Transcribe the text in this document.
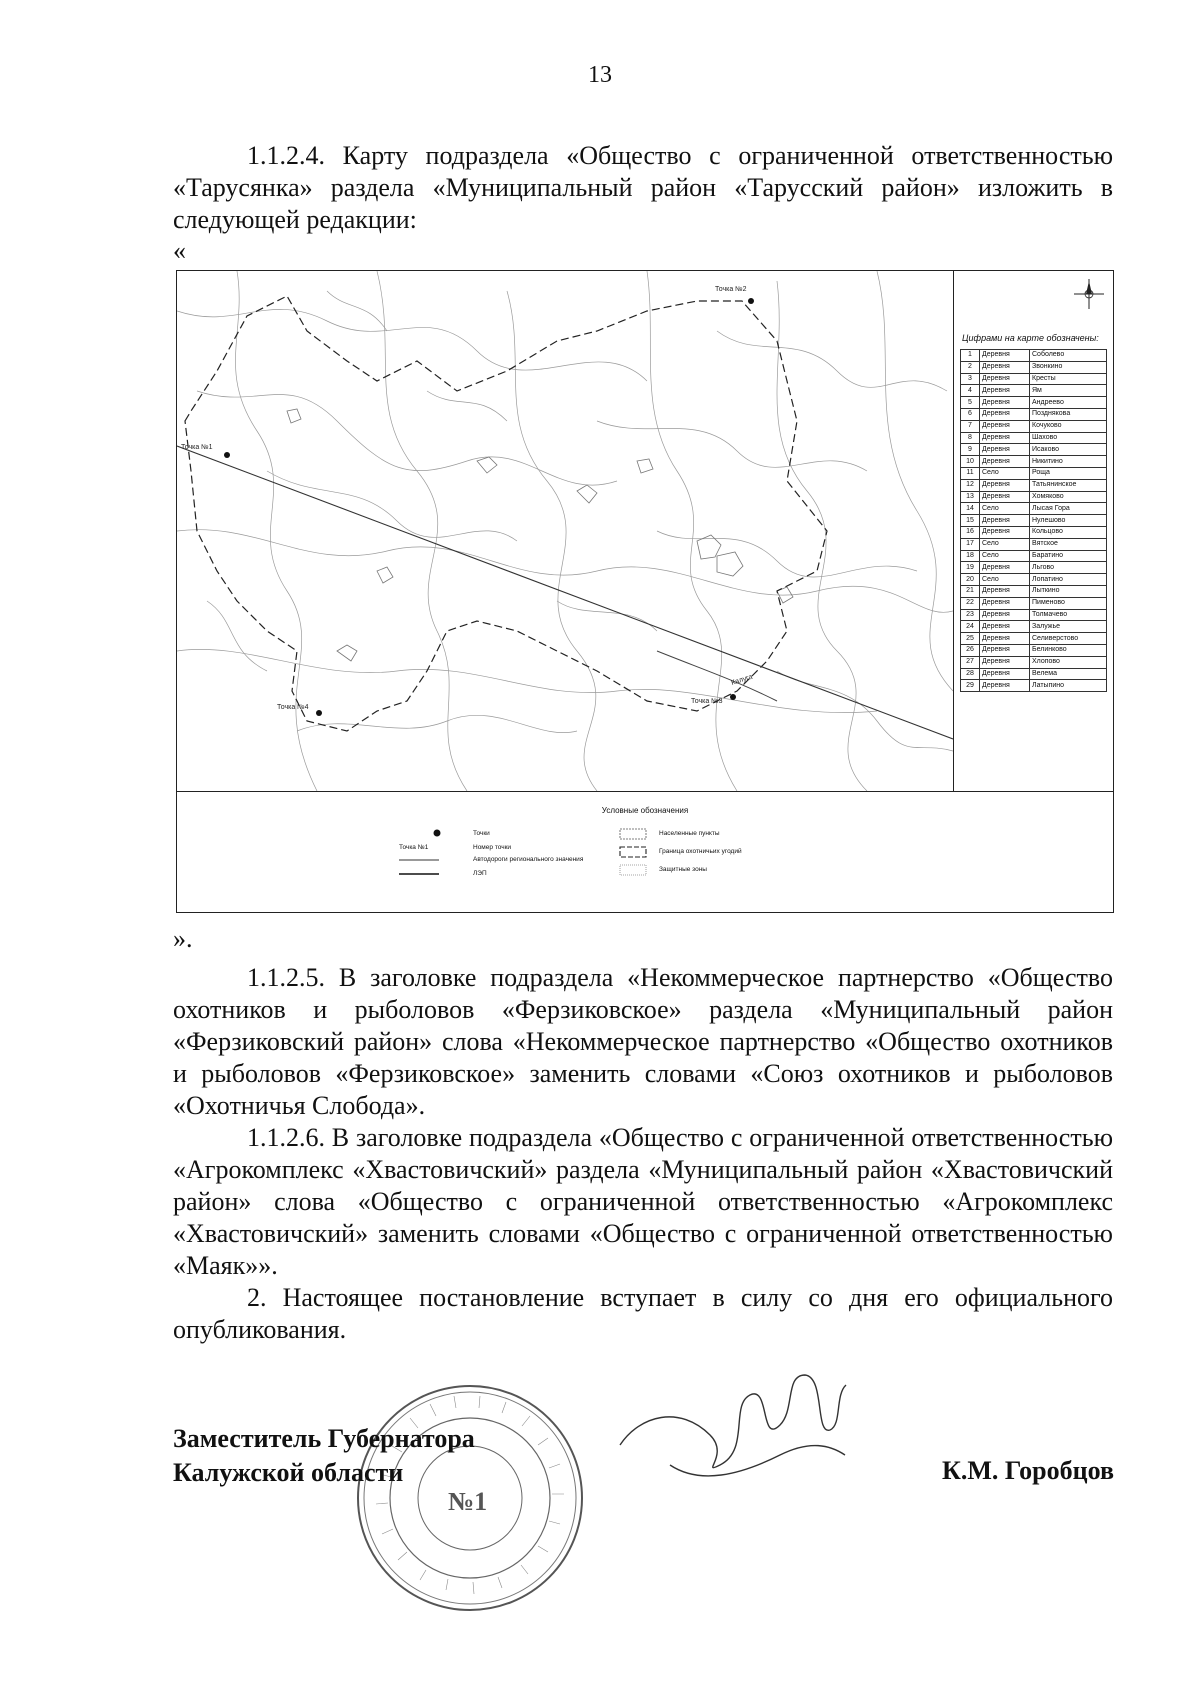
13

1.1.2.4. Карту подраздела «Общество с ограниченной ответственностью «Тарусянка» раздела «Муниципальный район «Тарусский район» изложить в следующей редакции:

«
Калуга
Точка №1
Точка №2
Точка №3
Точка №4
Цифрами на карте обозначены:
1	Деревня	Соболево
2	Деревня	Звонкино
3	Деревня	Кресты
4	Деревня	Ям
5	Деревня	Андреево
6	Деревня	Позднякова
7	Деревня	Кочуково
8	Деревня	Шахово
9	Деревня	Исаково
10	Деревня	Никитино
11	Село	Роща
12	Деревня	Татьянинское
13	Деревня	Хомяково
14	Село	Лысая Гора
15	Деревня	Нулешово
16	Деревня	Кольцово
17	Село	Вятское
18	Село	Баратино
19	Деревня	Льгово
20	Село	Лопатино
21	Деревня	Лыткино
22	Деревня	Пименово
23	Деревня	Толмачево
24	Деревня	Залужье
25	Деревня	Селиверстово
26	Деревня	Белинково
27	Деревня	Хлопово
28	Деревня	Велема
29	Деревня	Латыпино
Условные обозначения
Точки
Точка №1	Номер точки
Автодороги регионального значения
ЛЭП
Населенные пункты
Граница охотничьих угодий
Защитные зоны
».

1.1.2.5. В заголовке подраздела «Некоммерческое партнерство «Общество охотников и рыболовов «Ферзиковское» раздела «Муниципальный район «Ферзиковский район» слова «Некоммерческое партнерство «Общество охотников и рыболовов «Ферзиковское» заменить словами «Союз охотников и рыболовов «Охотничья Слобода».

1.1.2.6. В заголовке подраздела «Общество с ограниченной ответственностью «Агрокомплекс «Хвастовичский» раздела «Муниципальный район «Хвастовичский район» слова «Общество с ограниченной ответственностью «Агрокомплекс «Хвастовичский» заменить словами «Общество с ограниченной ответственностью «Маяк»».

2. Настоящее постановление вступает в силу со дня его официального опубликования.

№1
Заместитель Губернатора
Калужской области	К.М. Горобцов
